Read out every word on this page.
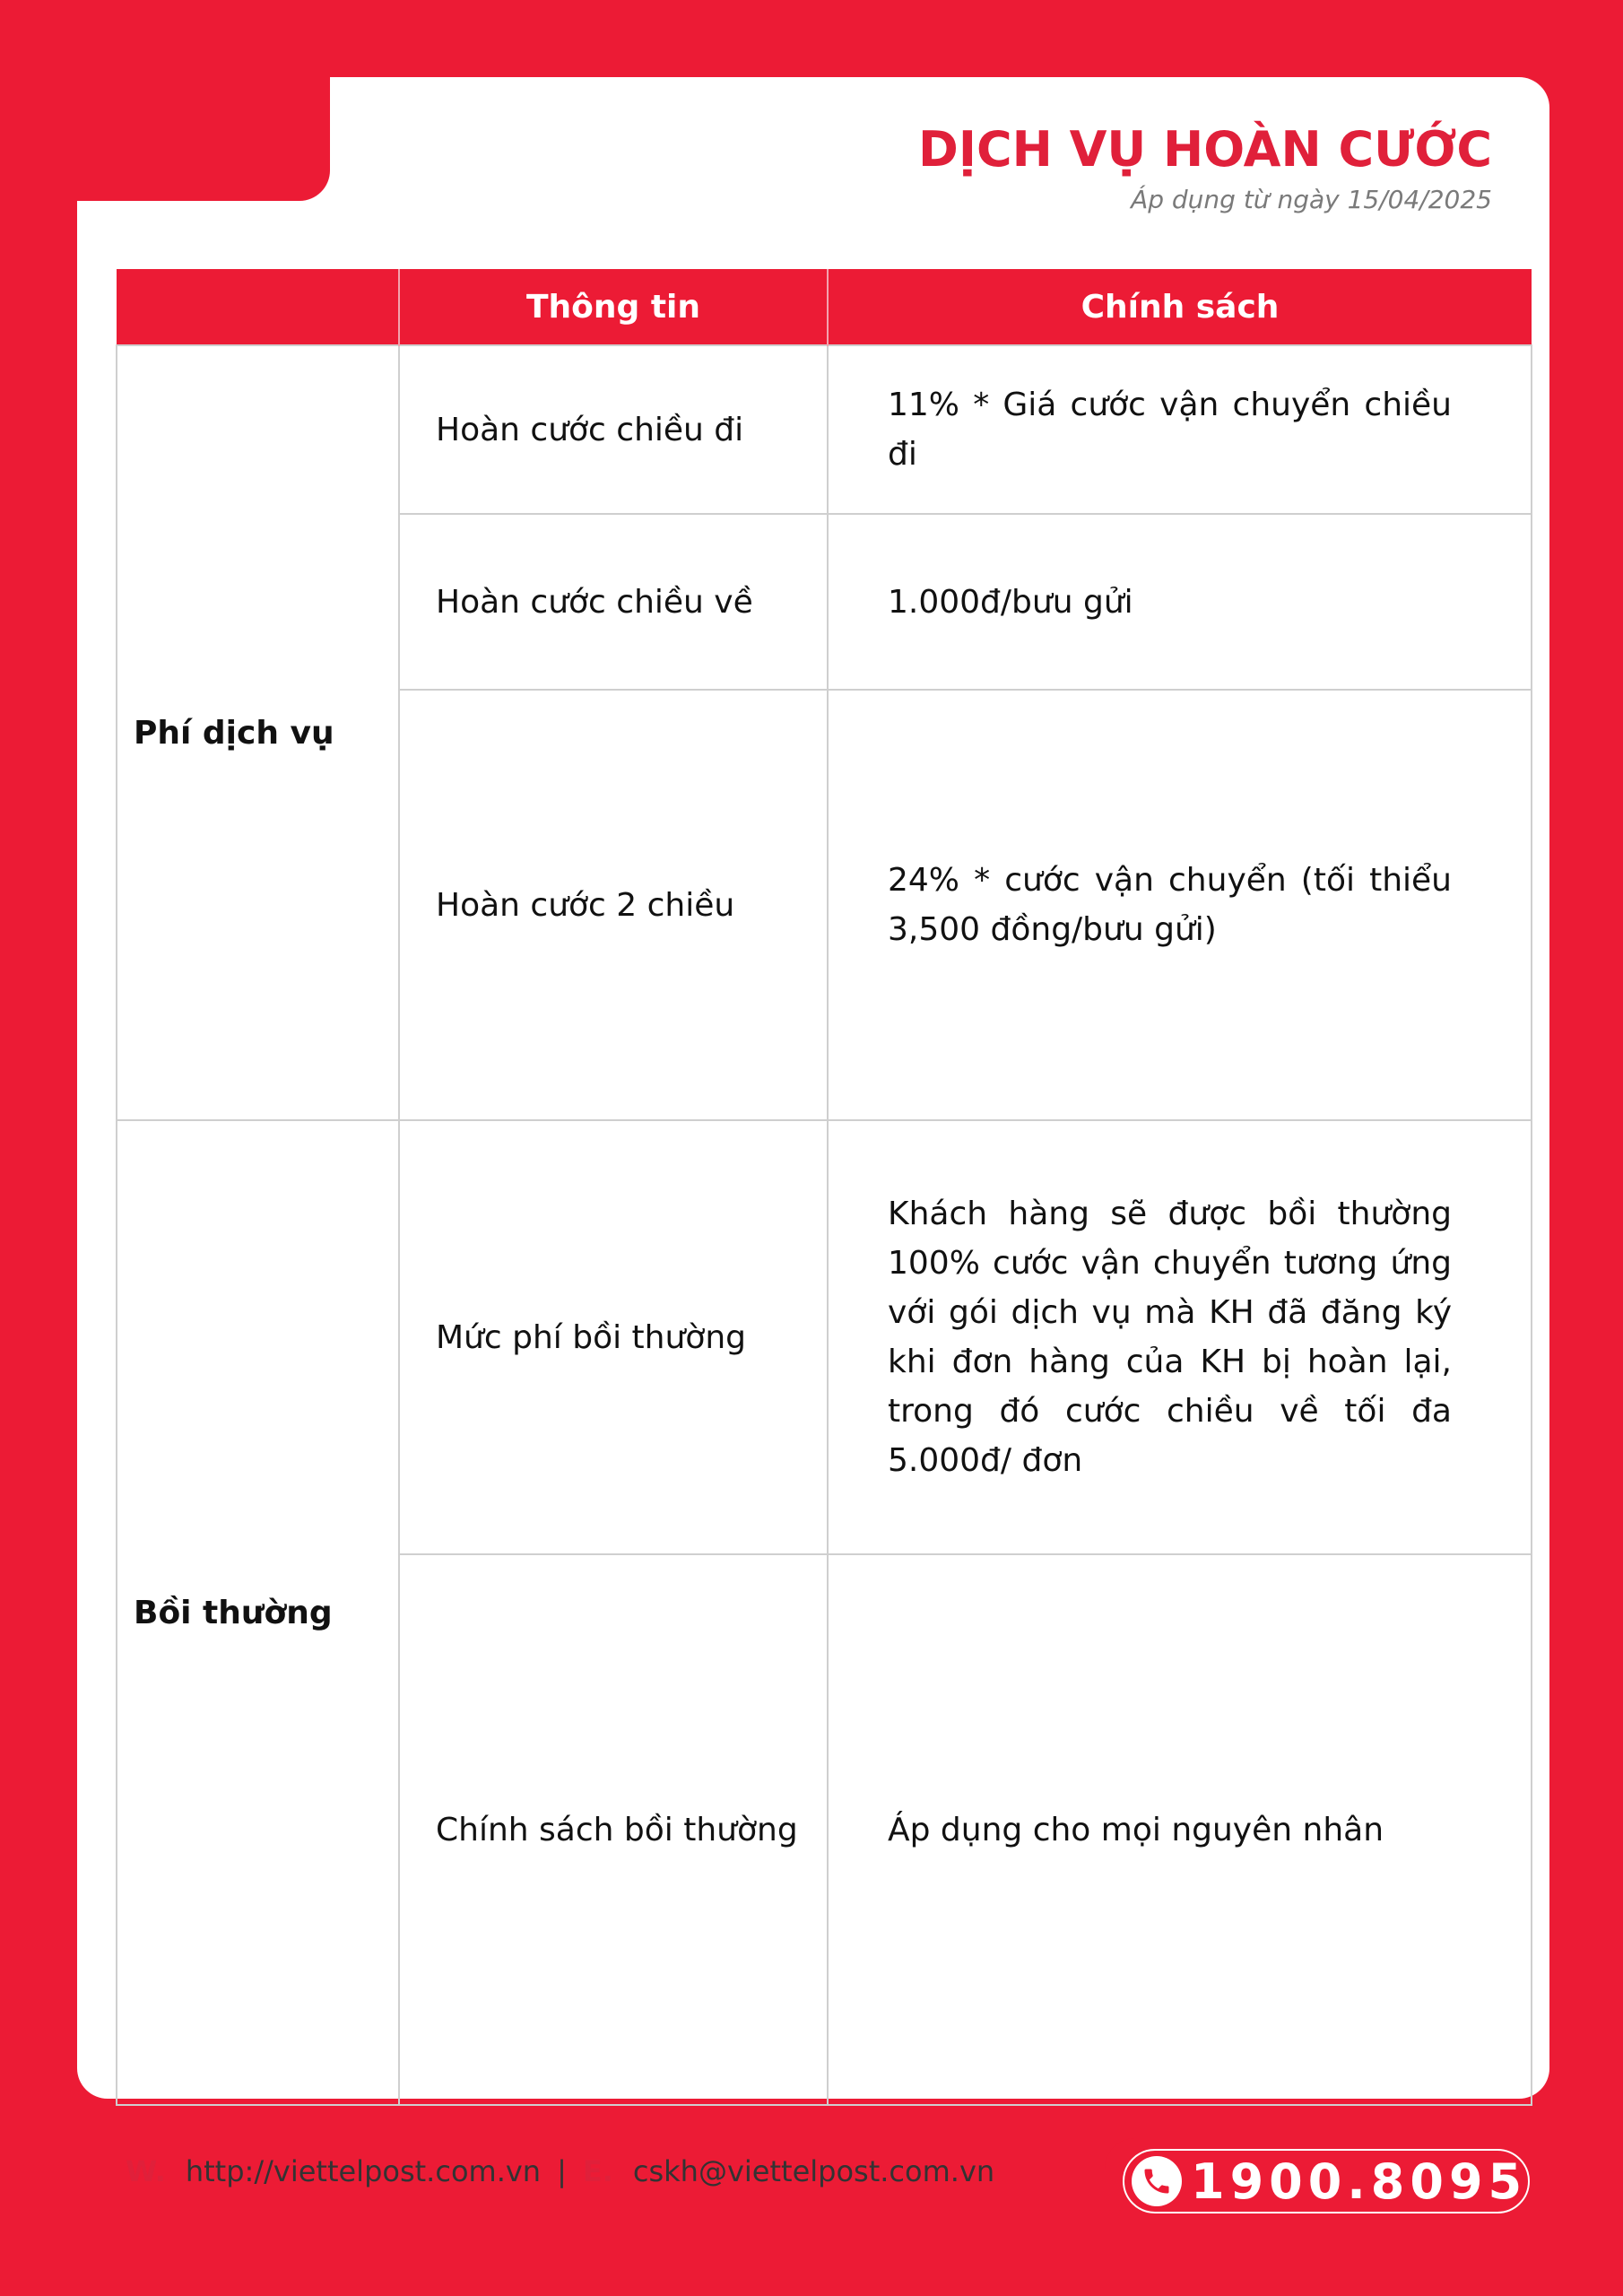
DỊCH VỤ HOÀN CƯỚC
Áp dụng từ ngày 15/04/2025
	Thông tin	Chính sách
Phí dịch vụ	Hoàn cước chiều đi	11% * Giá cước vận chuyển chiều đi
	Hoàn cước chiều về	1.000đ/bưu gửi
	Hoàn cước 2 chiều	24% * cước vận chuyển (tối thiểu 3,500 đồng/bưu gửi)
Bồi thường	Mức phí bồi thường	Khách hàng sẽ được bồi thường 100% cước vận chuyển tương ứng với gói dịch vụ mà KH đã đăng ký khi đơn hàng của KH bị hoàn lại, trong đó cước chiều về tối đa 5.000đ/ đơn
	Chính sách bồi thường	Áp dụng cho mọi nguyên nhân
W. http://viettelpost.com.vn | E. cskh@viettelpost.com.vn	1900.8095
